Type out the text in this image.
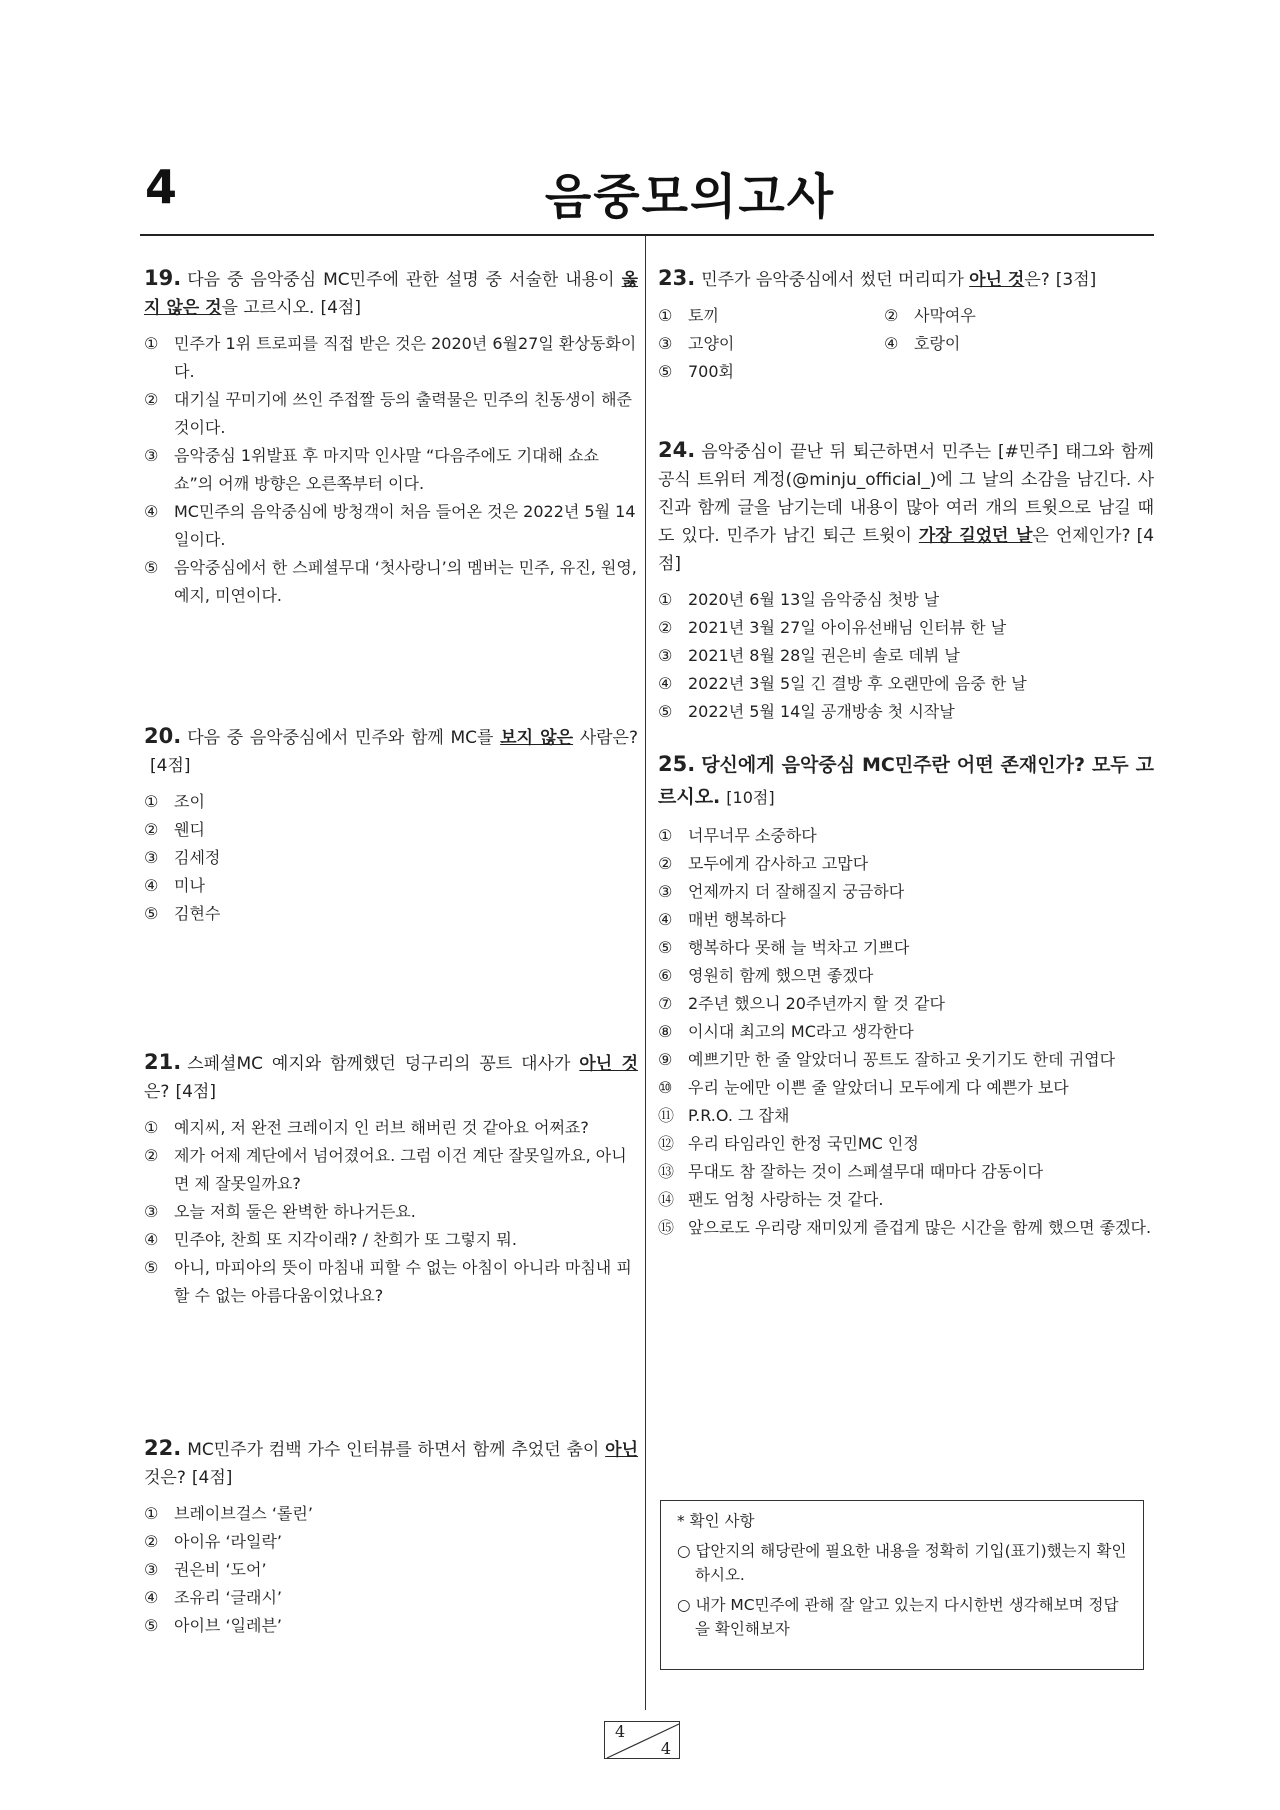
4	음중모의고사

19. 다음 중 음악중심 MC민주에 관한 설명 중 서술한 내용이 옳지 않은 것을 고르시오. [4점]

① 민주가 1위 트로피를 직접 받은 것은 2020년 6월27일 환상동화이다.
② 대기실 꾸미기에 쓰인 주접짤 등의 출력물은 민주의 친동생이 해준 것이다.
③ 음악중심 1위발표 후 마지막 인사말 “다음주에도 기대해 쇼쇼쇼”의 어깨 방향은 오른쪽부터 이다.
④ MC민주의 음악중심에 방청객이 처음 들어온 것은 2022년 5월 14일이다.
⑤ 음악중심에서 한 스페셜무대 ‘첫사랑니’의 멤버는 민주, 유진, 원영, 예지, 미연이다.

20. 다음 중 음악중심에서 민주와 함께 MC를 보지 않은 사람은?[4점]

① 조이
② 웬디
③ 김세정
④ 미나
⑤ 김현수

21. 스페셜MC 예지와 함께했던 덩구리의 꽁트 대사가 아닌 것은? [4점]

① 예지씨, 저 완전 크레이지 인 러브 해버린 것 같아요 어쩌죠?
② 제가 어제 계단에서 넘어졌어요. 그럼 이건 계단 잘못일까요, 아니면 제 잘못일까요?
③ 오늘 저희 둘은 완벽한 하나거든요.
④ 민주야, 찬희 또 지각이래? / 찬희가 또 그렇지 뭐.
⑤ 아니, 마피아의 뜻이 마침내 피할 수 없는 아침이 아니라 마침내 피할 수 없는 아름다움이었나요?

22. MC민주가 컴백 가수 인터뷰를 하면서 함께 추었던 춤이 아닌 것은? [4점]

① 브레이브걸스 ‘롤린’
② 아이유 ‘라일락’
③ 권은비 ‘도어’
④ 조유리 ‘글래시’
⑤ 아이브 ‘일레븐’

23. 민주가 음악중심에서 썼던 머리띠가 아닌 것은? [3점]

① 토끼	② 사막여우
③ 고양이	④ 호랑이
⑤ 700회

24. 음악중심이 끝난 뒤 퇴근하면서 민주는 [#민주] 태그와 함께 공식 트위터 계정(@minju_official_)에 그 날의 소감을 남긴다. 사진과 함께 글을 남기는데 내용이 많아 여러 개의 트윗으로 남길 때도 있다. 민주가 남긴 퇴근 트윗이 가장 길었던 날은 언제인가? [4점]

① 2020년 6월 13일 음악중심 첫방 날
② 2021년 3월 27일 아이유선배님 인터뷰 한 날
③ 2021년 8월 28일 권은비 솔로 데뷔 날
④ 2022년 3월 5일 긴 결방 후 오랜만에 음중 한 날
⑤ 2022년 5월 14일 공개방송 첫 시작날

25. 당신에게 음악중심 MC민주란 어떤 존재인가? 모두 고르시오. [10점]

① 너무너무 소중하다
② 모두에게 감사하고 고맙다
③ 언제까지 더 잘해질지 궁금하다
④ 매번 행복하다
⑤ 행복하다 못해 늘 벅차고 기쁘다
⑥ 영원히 함께 했으면 좋겠다
⑦ 2주년 했으니 20주년까지 할 것 같다
⑧ 이시대 최고의 MC라고 생각한다
⑨ 예쁘기만 한 줄 알았더니 꽁트도 잘하고 웃기기도 한데 귀엽다
⑩ 우리 눈에만 이쁜 줄 알았더니 모두에게 다 예쁜가 보다
⑪ P.R.O. 그 잡채
⑫ 우리 타임라인 한정 국민MC 인정
⑬ 무대도 참 잘하는 것이 스페셜무대 때마다 감동이다
⑭ 팬도 엄청 사랑하는 것 같다.
⑮ 앞으로도 우리랑 재미있게 즐겁게 많은 시간을 함께 했으면 좋겠다.

* 확인 사항

○ 답안지의 해당란에 필요한 내용을 정확히 기입(표기)했는지 확인하시오.

○ 내가 MC민주에 관해 잘 알고 있는지 다시한번 생각해보며 정답을 확인해보자

4
4
